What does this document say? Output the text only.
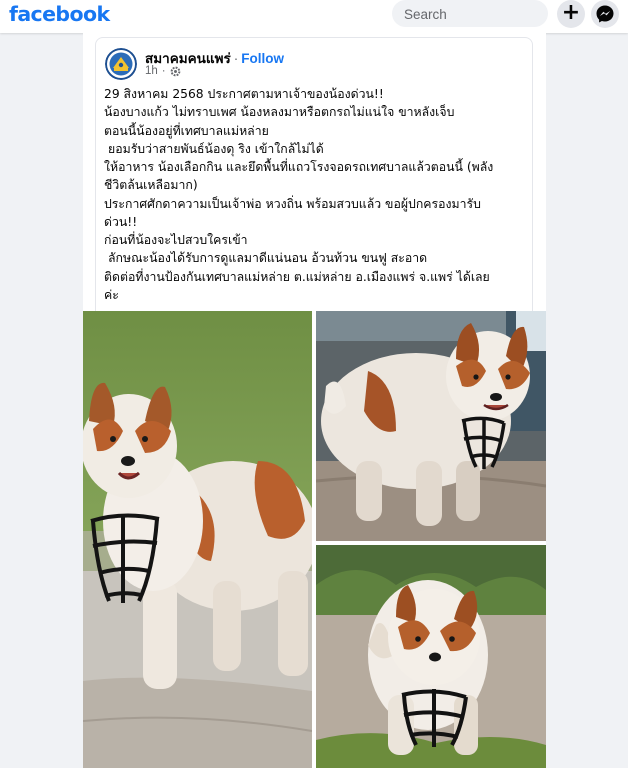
facebook
Search	+
สมาคมคนแพร่ · Follow
1h ·
29 สิงหาคม 2568 ประกาศตามหาเจ้าของน้องด่วน!!
น้องบางแก้ว ไม่ทราบเพศ น้องหลงมาหรือตกรถไม่แน่ใจ ขาหลังเจ็บ
ตอนนี้น้องอยู่ที่เทศบาลแม่หล่าย
ยอมรับว่าสายพันธ์น้องดุ ริง เข้าใกล้ไม่ได้
ให้อาหาร น้องเลือกกิน และยึดพื้นที่แถวโรงจอดรถเทศบาลแล้วตอนนี้ (พลัง
ชีวิตล้นเหลือมาก)
ประกาศศักดาความเป็นเจ้าพ่อ หวงถิ่น พร้อมสวบแล้ว ขอผู้ปกครองมารับ
ด่วน!!
ก่อนที่น้องจะไปสวบใครเข้า
ลักษณะน้องได้รับการดูแลมาดีแน่นอน อ้วนท้วน ขนฟู สะอาด
ติดต่อที่งานป้องกันเทศบาลแม่หล่าย ต.แม่หล่าย อ.เมืองแพร่ จ.แพร่ ได้เลย
ค่ะ
